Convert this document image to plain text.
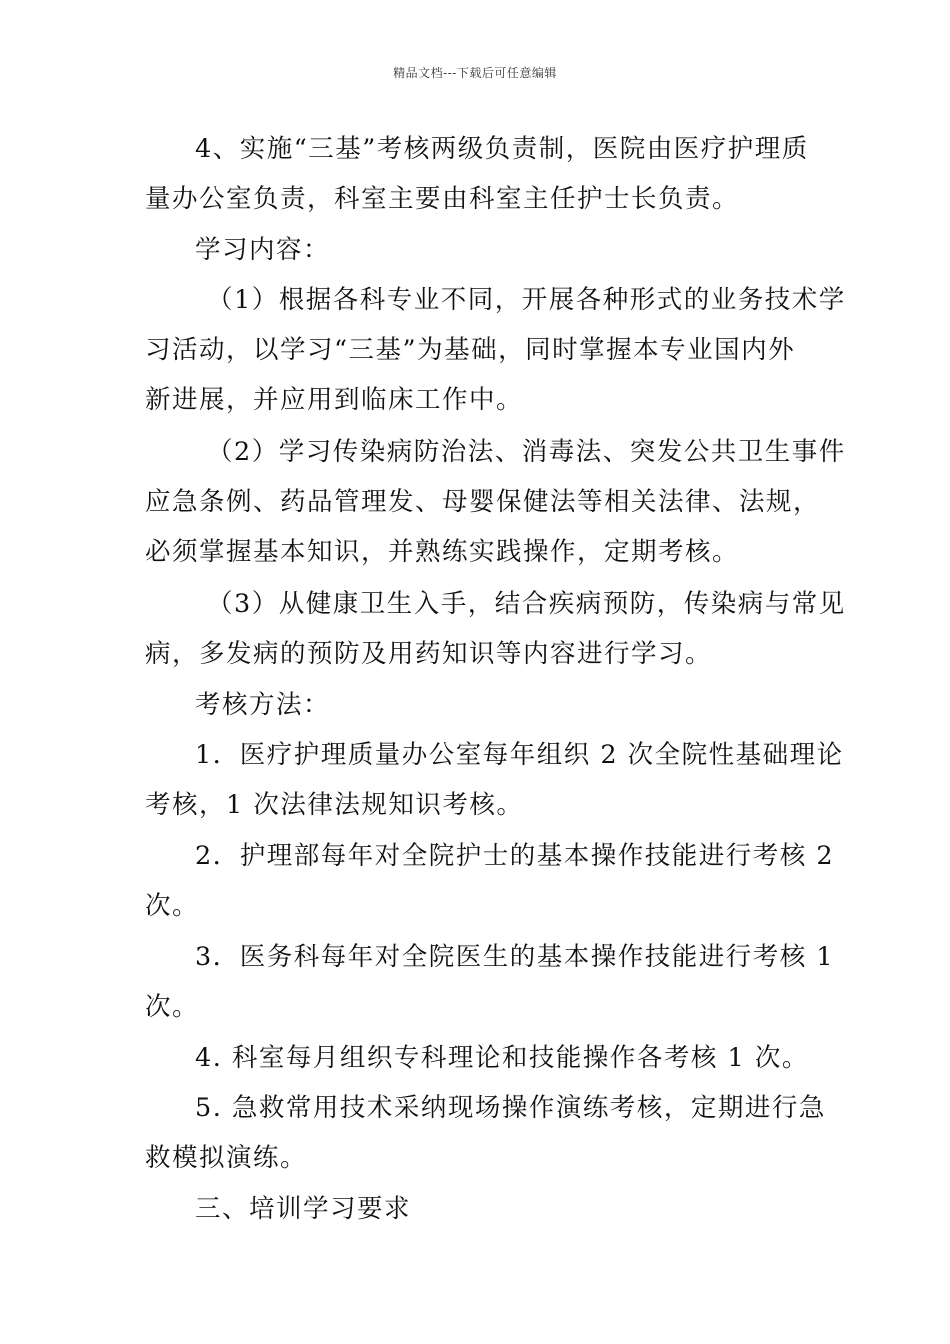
精品文档---下载后可任意编辑
4、实施“三基”考核两级负责制，医院由医疗护理质
量办公室负责，科室主要由科室主任护士长负责。
学习内容：
（1）根据各科专业不同，开展各种形式的业务技术学
习活动，以学习“三基”为基础，同时掌握本专业国内外
新进展，并应用到临床工作中。
（2）学习传染病防治法、消毒法、突发公共卫生事件
应急条例、药品管理发、母婴保健法等相关法律、法规，
必须掌握基本知识，并熟练实践操作，定期考核。
（3）从健康卫生入手，结合疾病预防，传染病与常见
病，多发病的预防及用药知识等内容进行学习。
考核方法：
1．医疗护理质量办公室每年组织 2 次全院性基础理论
考核，1 次法律法规知识考核。
2．护理部每年对全院护士的基本操作技能进行考核 2
次。
3．医务科每年对全院医生的基本操作技能进行考核 1
次。
4. 科室每月组织专科理论和技能操作各考核 1 次。
5. 急救常用技术采纳现场操作演练考核，定期进行急
救模拟演练。
三、培训学习要求
